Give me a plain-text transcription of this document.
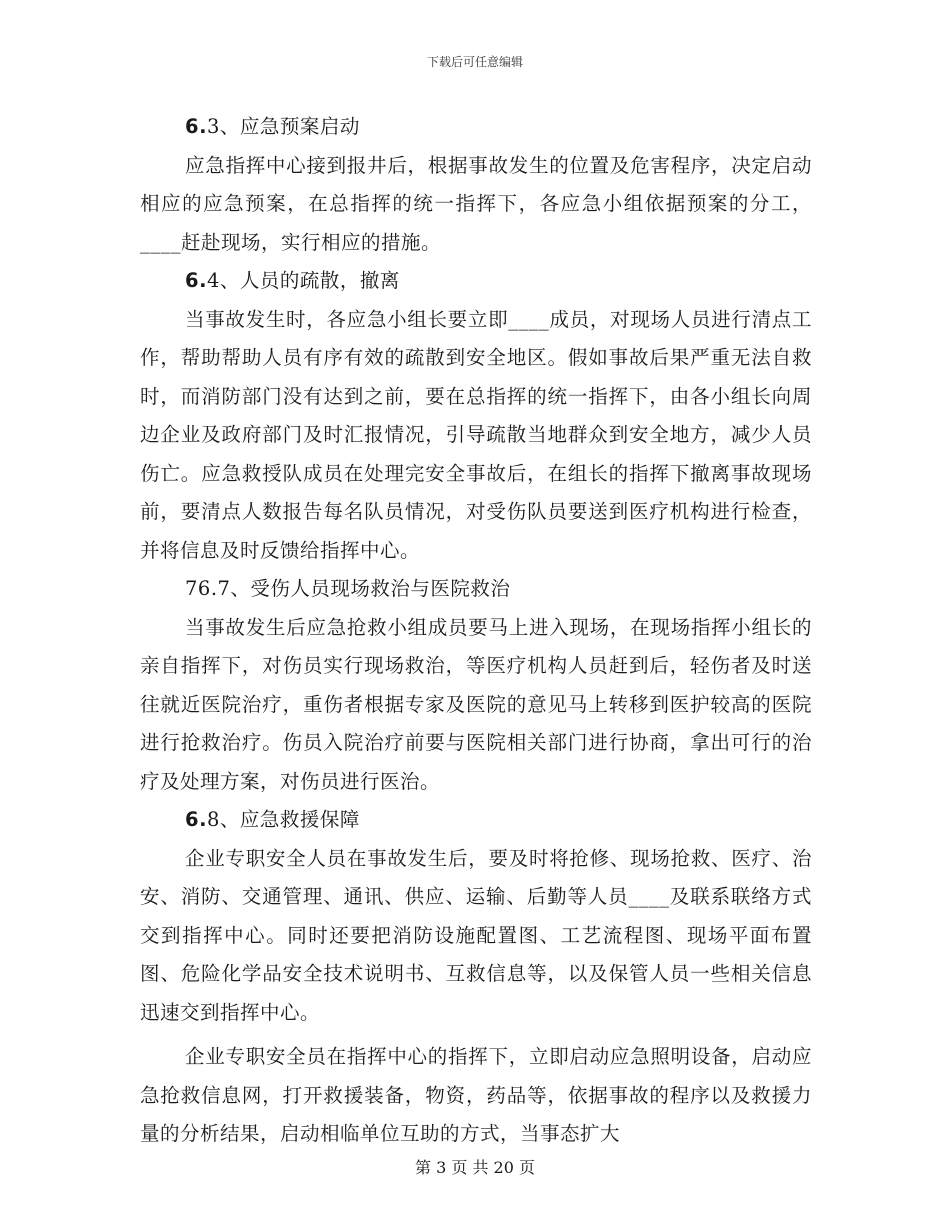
下载后可任意编辑
6.3、应急预案启动
应急指挥中心接到报井后，根据事故发生的位置及危害程序，决定启动相应的应急预案，在总指挥的统一指挥下，各应急小组依据预案的分工，____赶赴现场，实行相应的措施。
6.4、人员的疏散，撤离
当事故发生时，各应急小组长要立即____成员，对现场人员进行清点工作，帮助帮助人员有序有效的疏散到安全地区。假如事故后果严重无法自救时，而消防部门没有达到之前，要在总指挥的统一指挥下，由各小组长向周边企业及政府部门及时汇报情况，引导疏散当地群众到安全地方，减少人员伤亡。应急救授队成员在处理完安全事故后，在组长的指挥下撤离事故现场前，要清点人数报告每名队员情况，对受伤队员要送到医疗机构进行检查，并将信息及时反馈给指挥中心。
76.7、受伤人员现场救治与医院救治
当事故发生后应急抢救小组成员要马上进入现场，在现场指挥小组长的亲自指挥下，对伤员实行现场救治，等医疗机构人员赶到后，轻伤者及时送往就近医院治疗，重伤者根据专家及医院的意见马上转移到医护较高的医院进行抢救治疗。伤员入院治疗前要与医院相关部门进行协商，拿出可行的治疗及处理方案，对伤员进行医治。
6.8、应急救援保障
企业专职安全人员在事故发生后，要及时将抢修、现场抢救、医疗、治安、消防、交通管理、通讯、供应、运输、后勤等人员____及联系联络方式交到指挥中心。同时还要把消防设施配置图、工艺流程图、现场平面布置图、危险化学品安全技术说明书、互救信息等，以及保管人员一些相关信息迅速交到指挥中心。
企业专职安全员在指挥中心的指挥下，立即启动应急照明设备，启动应急抢救信息网，打开救援装备，物资，药品等，依据事故的程序以及救援力量的分析结果，启动相临单位互助的方式，当事态扩大
第 3 页 共 20 页
